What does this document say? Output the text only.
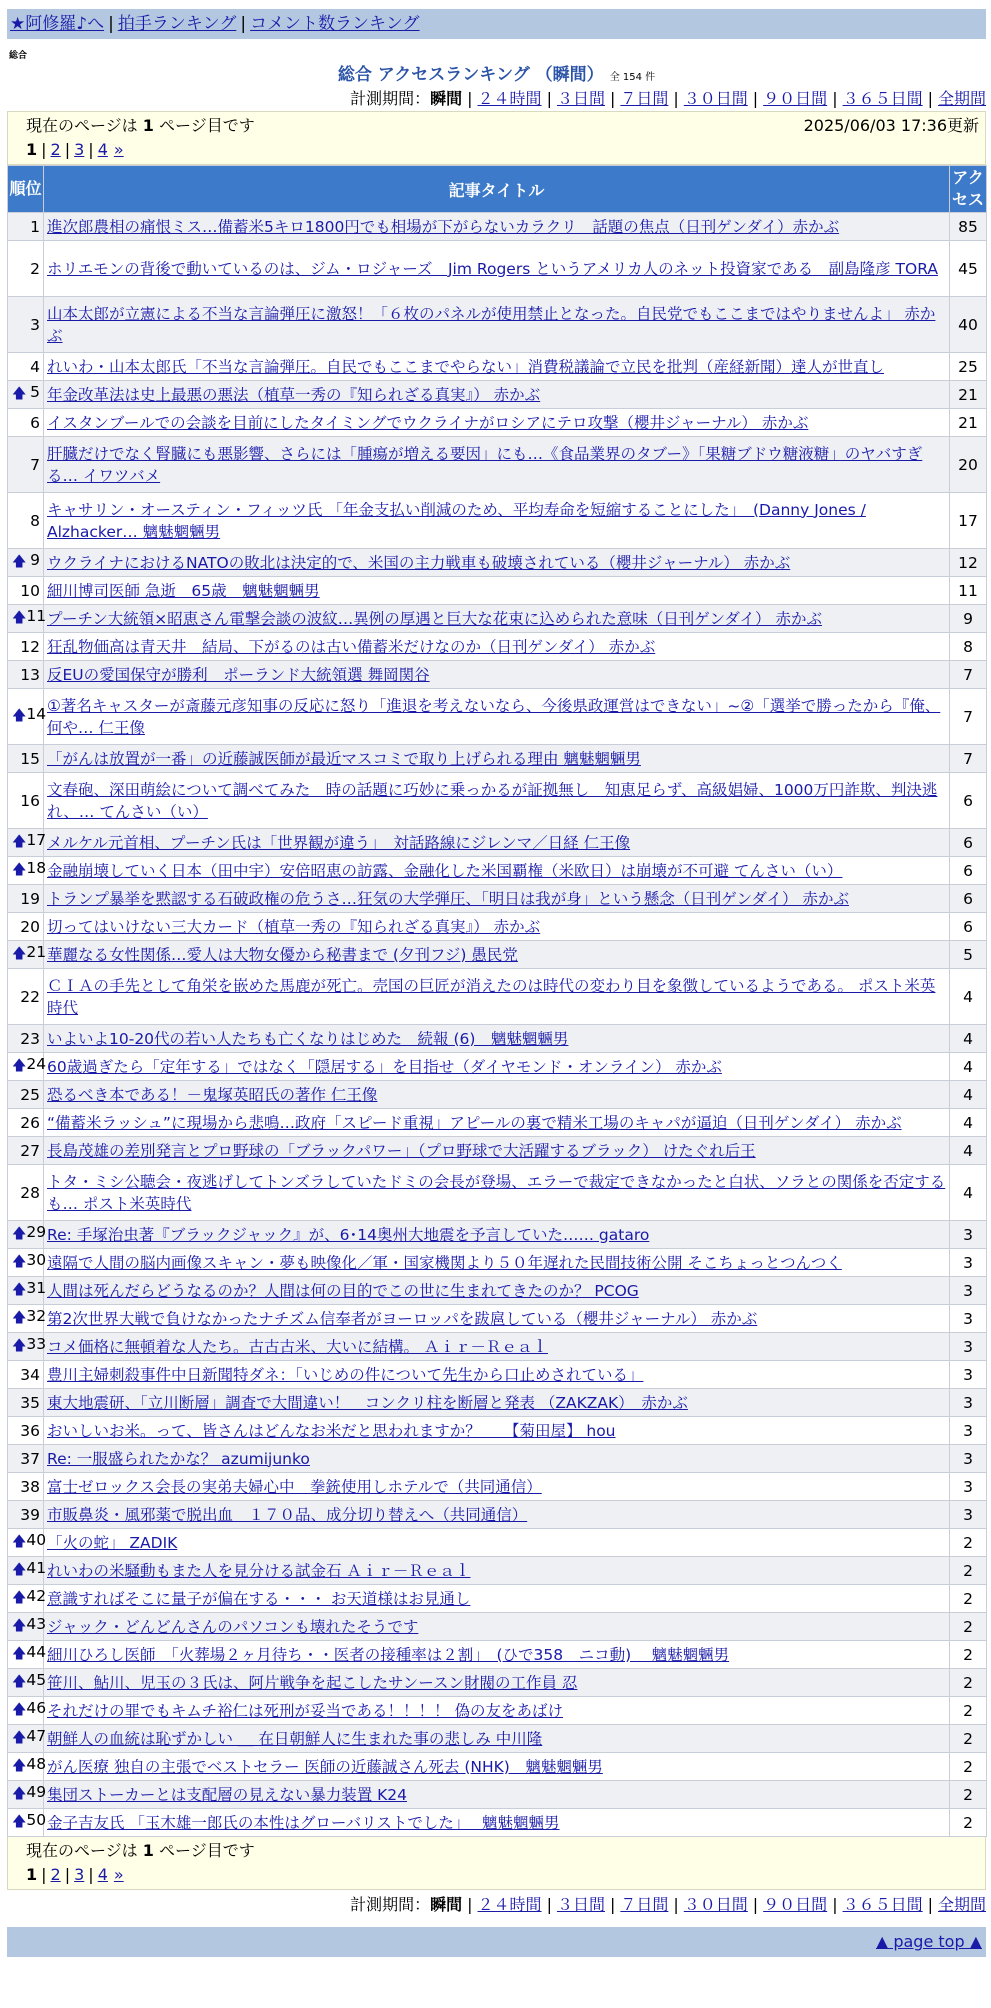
★阿修羅♪へ | 拍手ランキング | コメント数ランキング
総合
総合 アクセスランキング （瞬間） 全 154 件
計測期間：瞬間 | ２４時間 | ３日間 | ７日間 | ３０日間 | ９０日間 | ３６５日間 | 全期間
現在のページは 1 ページ目です	2025/06/03 17:36更新
1 | 2 | 3 | 4 »
順位	記事タイトル	アクセス
1	進次郎農相の痛恨ミス…備蓄米5キロ1800円でも相場が下がらないカラクリ　話題の焦点（日刊ゲンダイ）赤かぶ	85
2	ホリエモンの背後で動いているのは、ジム・ロジャーズ　Jim Rogers というアメリカ人のネット投資家である　副島隆彦 TORA	45
3	山本太郎が立憲による不当な言論弾圧に激怒！「６枚のパネルが使用禁止となった。自民党でもここまではやりませんよ」 赤かぶ	40
4	れいわ・山本太郎氏「不当な言論弾圧。自民でもここまでやらない」消費税議論で立民を批判（産経新聞）達人が世直し	25

🡅 5	年金改革法は史上最悪の悪法（植草一秀の『知られざる真実』） 赤かぶ	21
6	イスタンブールでの会談を目前にしたタイミングでウクライナがロシアにテロ攻撃（櫻井ジャーナル） 赤かぶ	21
7	肝臓だけでなく腎臓にも悪影響、さらには「腫瘍が増える要因」にも…《食品業界のタブー》「果糖ブドウ糖液糖」のヤバすぎる… イワツバメ	20
8	キャサリン・オースティン・フィッツ氏 「年金支払い削減のため、平均寿命を短縮することにした」　(Danny Jones / Alzhacker… 魑魅魍魎男	17

🡅 9	ウクライナにおけるNATOの敗北は決定的で、米国の主力戦車も破壊されている（櫻井ジャーナル） 赤かぶ	12
10	細川博司医師 急逝　65歳　魑魅魍魎男	11

🡅 11	プーチン大統領×昭恵さん電撃会談の波紋…異例の厚遇と巨大な花束に込められた意味（日刊ゲンダイ） 赤かぶ	9
12	狂乱物価高は青天井　結局、下がるのは古い備蓄米だけなのか（日刊ゲンダイ） 赤かぶ	8
13	反EUの愛国保守が勝利　ポーランド大統領選 舞岡関谷	7

🡅 14	①著名キャスターが斎藤元彦知事の反応に怒り「進退を考えないなら、今後県政運営はできない」~②「選挙で勝ったから『俺、何や… 仁王像	7
15	「がんは放置が一番」の近藤誠医師が最近マスコミで取り上げられる理由 魑魅魍魎男	7
16	文春砲、深田萌絵について調べてみた　時の話題に巧妙に乗っかるが証拠無し　知恵足らず、高級娼婦、1000万円詐欺、判決逃れ、… てんさい（い）	6

🡅 17	メルケル元首相、プーチン氏は「世界観が違う」　対話路線にジレンマ／日経 仁王像	6

🡅 18	金融崩壊していく日本（田中宇）安倍昭恵の訪露、金融化した米国覇権（米欧日）は崩壊が不可避 てんさい（い）	6
19	トランプ暴挙を黙認する石破政権の危うさ…狂気の大学弾圧、「明日は我が身」という懸念（日刊ゲンダイ） 赤かぶ	6
20	切ってはいけない三大カード（植草一秀の『知られざる真実』） 赤かぶ	6

🡅 21	華麗なる女性関係…愛人は大物女優から秘書まで (夕刊フジ) 愚民党	5
22	ＣＩＡの手先として角栄を嵌めた馬鹿が死亡。売国の巨匠が消えたのは時代の変わり目を象徴しているようである。 ポスト米英時代	4
23	いよいよ10-20代の若い人たちも亡くなりはじめた　続報 (6)　魑魅魍魎男	4

🡅 24	60歳過ぎたら「定年する」ではなく「隠居する」を目指せ（ダイヤモンド・オンライン） 赤かぶ	4
25	恐るべき本である！－鬼塚英昭氏の著作 仁王像	4
26	“備蓄米ラッシュ”に現場から悲鳴…政府「スピード重視」アピールの裏で精米工場のキャパが逼迫（日刊ゲンダイ） 赤かぶ	4
27	長島茂雄の差別発言とプロ野球の「ブラックパワー」（プロ野球で大活躍するブラック） けたぐれ后王	4
28	トタ・ミシ公聴会・夜逃げしてトンズラしていたドミの会長が登場、エラーで裁定できなかったと白状、ソラとの関係を否定するも… ポスト米英時代	4

🡅 29	Re: 手塚治虫著『ブラックジャック』が、6･14奥州大地震を予言していた…… gataro	3

🡅 30	遠隔で人間の脳内画像スキャン・夢も映像化／軍・国家機関より５０年遅れた民間技術公開 そこちょっとつんつく	3

🡅 31	人間は死んだらどうなるのか？人間は何の目的でこの世に生まれてきたのか？ PCOG	3

🡅 32	第2次世界大戦で負けなかったナチズム信奉者がヨーロッパを跋扈している（櫻井ジャーナル） 赤かぶ	3

🡅 33	コメ価格に無頓着な人たち。古古古米、大いに結構。 Ａｉｒ－Ｒｅａｌ	3
34	豊川主婦刺殺事件中日新聞特ダネ：「いじめの件について先生から口止めされている」	3
35	東大地震研、「立川断層」調査で大間違い！　コンクリ柱を断層と発表 （ZAKZAK）　赤かぶ	3
36	おいしいお米。って、皆さんはどんなお米だと思われますか？　　【菊田屋】 hou	3
37	Re: 一服盛られたかな？ azumijunko	3
38	富士ゼロックス会長の実弟夫婦心中　拳銃使用しホテルで（共同通信）	3
39	市販鼻炎・風邪薬で脱出血　１７０品、成分切り替えへ（共同通信）	3

🡅 40	「火の蛇」 ZADIK	2

🡅 41	れいわの米騒動もまた人を見分ける試金石 Ａｉｒ－Ｒｅａｌ	2

🡅 42	意識すればそこに量子が偏在する・・・ お天道様はお見通し	2

🡅 43	ジャック・どんどんさんのパソコンも壊れたそうです	2

🡅 44	細川ひろし医師　「火葬場２ヶ月待ち・・医者の接種率は２割」　(ひで358　ニコ動)　 魑魅魍魎男	2

🡅 45	笹川、鮎川、児玉の３氏は、阿片戦争を起こしたサンースン財閥の工作員 忍	2

🡅 46	それだけの罪でもキムチ裕仁は死刑が妥当である！！！！ 偽の友をあばけ	2

🡅 47	朝鮮人の血統は恥ずかしい ＿ 在日朝鮮人に生まれた事の悲しみ 中川隆	2

🡅 48	がん医療 独自の主張でベストセラー 医師の近藤誠さん死去 (NHK)　魑魅魍魎男	2

🡅 49	集団ストーカーとは支配層の見えない暴力装置 K24	2

🡅 50	金子吉友氏 「玉木雄一郎氏の本性はグローバリストでした」　 魑魅魍魎男	2
現在のページは 1 ページ目です
1 | 2 | 3 | 4 »
計測期間：瞬間 | ２４時間 | ３日間 | ７日間 | ３０日間 | ９０日間 | ３６５日間 | 全期間
▲ page top ▲
